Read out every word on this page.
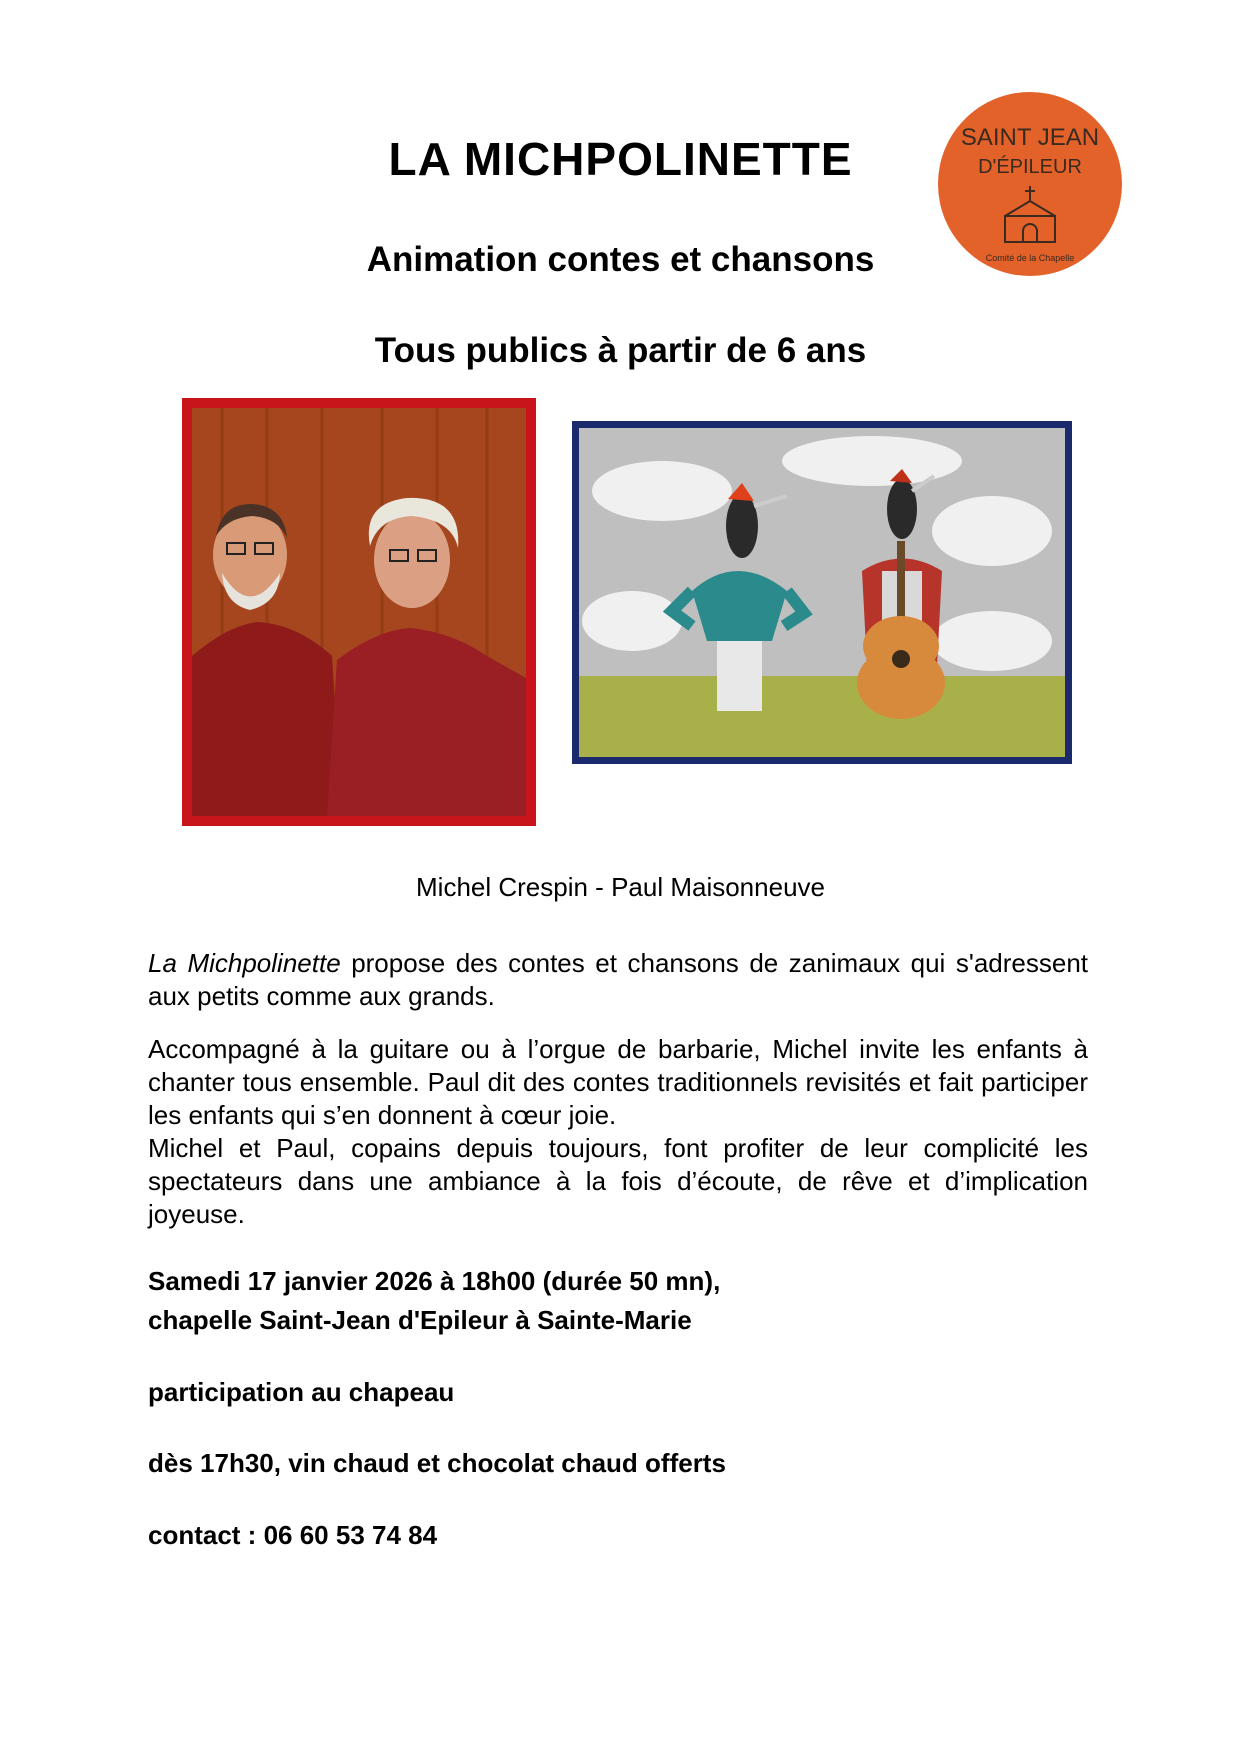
LA MICHPOLINETTE
Animation contes et chansons
Tous publics à partir de 6 ans
SAINT JEAN
D'ÉPILEUR
Comité de la Chapelle
Michel Crespin - Paul Maisonneuve
La Michpolinette propose des contes et chansons de zanimaux qui s'adressent aux petits comme aux grands.
Accompagné à la guitare ou à l’orgue de barbarie, Michel invite les enfants à chanter tous ensemble. Paul dit des contes traditionnels revisités et fait participer les enfants qui s’en donnent à cœur joie.
Michel et Paul, copains depuis toujours, font profiter de leur complicité les spectateurs dans une ambiance à la fois d’écoute, de rêve et d’implication joyeuse.
Samedi 17 janvier 2026 à 18h00 (durée 50 mn),
chapelle Saint-Jean d'Epileur à Sainte-Marie
participation au chapeau
dès 17h30, vin chaud et chocolat chaud offerts
contact : 06 60 53 74 84
